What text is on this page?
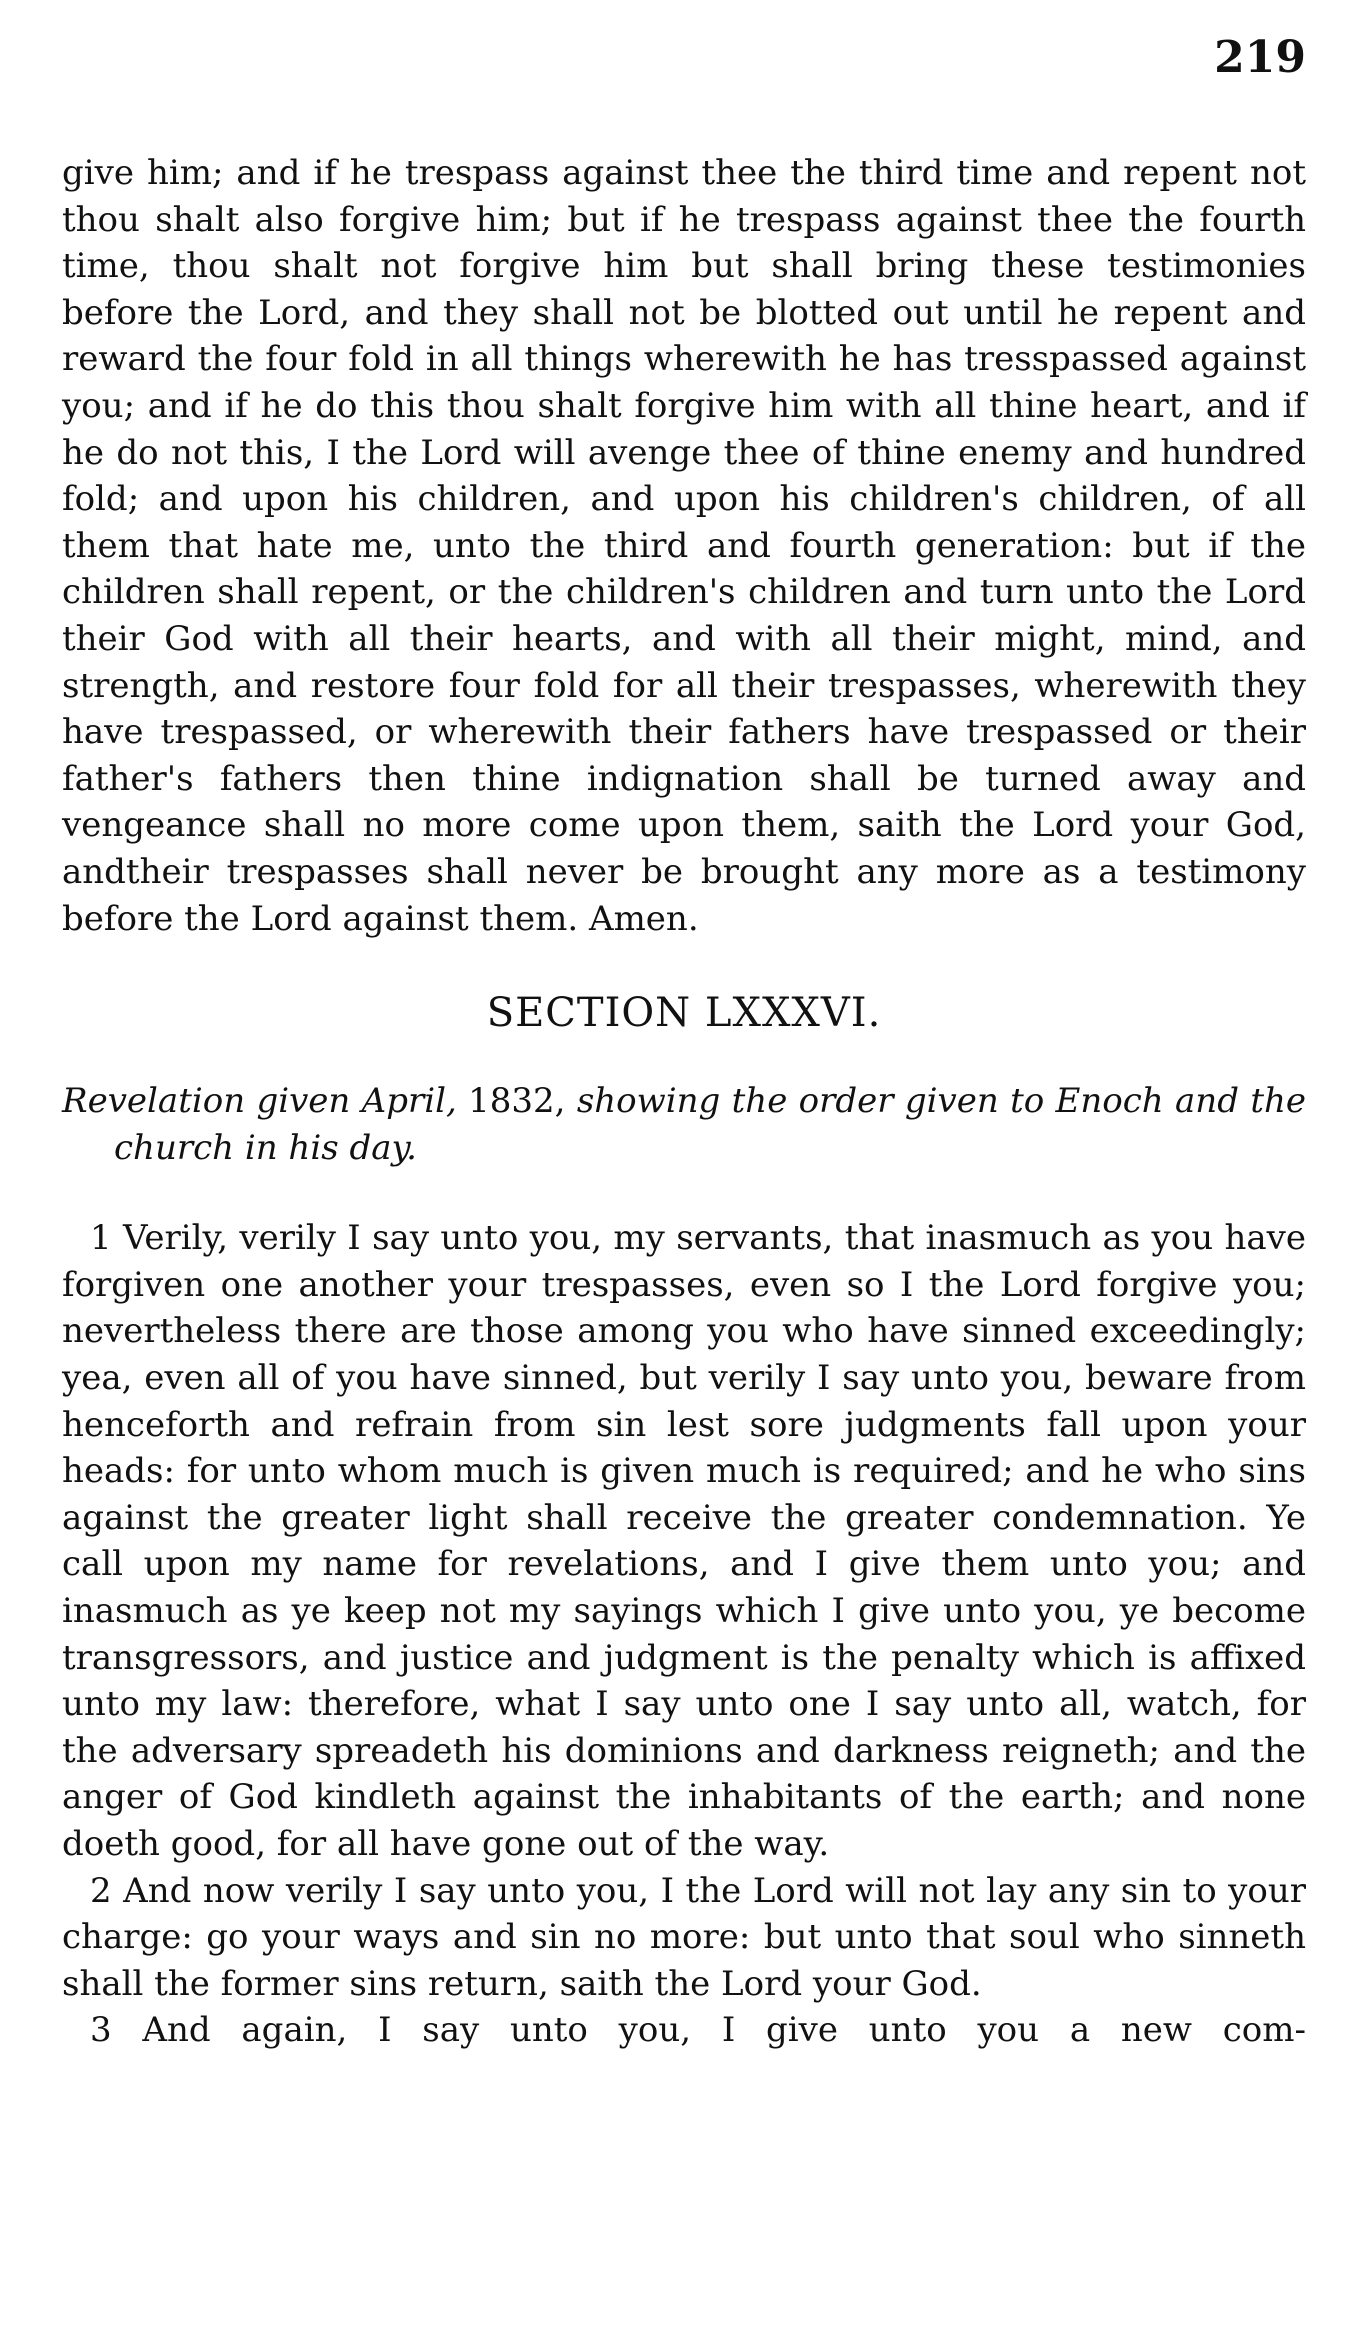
219

give him; and if he trespass against thee the third time and repent not thou shalt also forgive him; but if he trespass against thee the fourth time, thou shalt not forgive him but shall bring these testimonies before the Lord, and they shall not be blotted out until he repent and reward the four fold in all things wherewith he has tresspassed against you; and if he do this thou shalt forgive him with all thine heart, and if he do not this, I the Lord will avenge thee of thine enemy and hundred fold; and upon his children, and upon his children's children, of all them that hate me, unto the third and fourth generation: but if the children shall repent, or the children's children and turn unto the Lord their God with all their hearts, and with all their might, mind, and strength, and restore four fold for all their trespasses, wherewith they have trespassed, or wherewith their fathers have trespassed or their father's fathers then thine indignation shall be turned away and vengeance shall no more come upon them, saith the Lord your God, andtheir trespasses shall never be brought any more as a testimony before the Lord against them. Amen.

SECTION LXXXVI.

Revelation given April, 1832, showing the order given to Enoch and the church in his day.

1 Verily, verily I say unto you, my servants, that inasmuch as you have forgiven one another your trespasses, even so I the Lord forgive you; nevertheless there are those among you who have sinned exceedingly; yea, even all of you have sinned, but verily I say unto you, beware from henceforth and refrain from sin lest sore judgments fall upon your heads: for unto whom much is given much is required; and he who sins against the greater light shall receive the greater condemnation. Ye call upon my name for revelations, and I give them unto you; and inasmuch as ye keep not my sayings which I give unto you, ye become transgressors, and justice and judgment is the penalty which is affixed unto my law: therefore, what I say unto one I say unto all, watch, for the adversary spreadeth his dominions and darkness reigneth; and the anger of God kindleth against the inhabitants of the earth; and none doeth good, for all have gone out of the way.

2 And now verily I say unto you, I the Lord will not lay any sin to your charge: go your ways and sin no more: but unto that soul who sinneth shall the former sins return, saith the Lord your God.

3 And again, I say unto you, I give unto you a new com-
